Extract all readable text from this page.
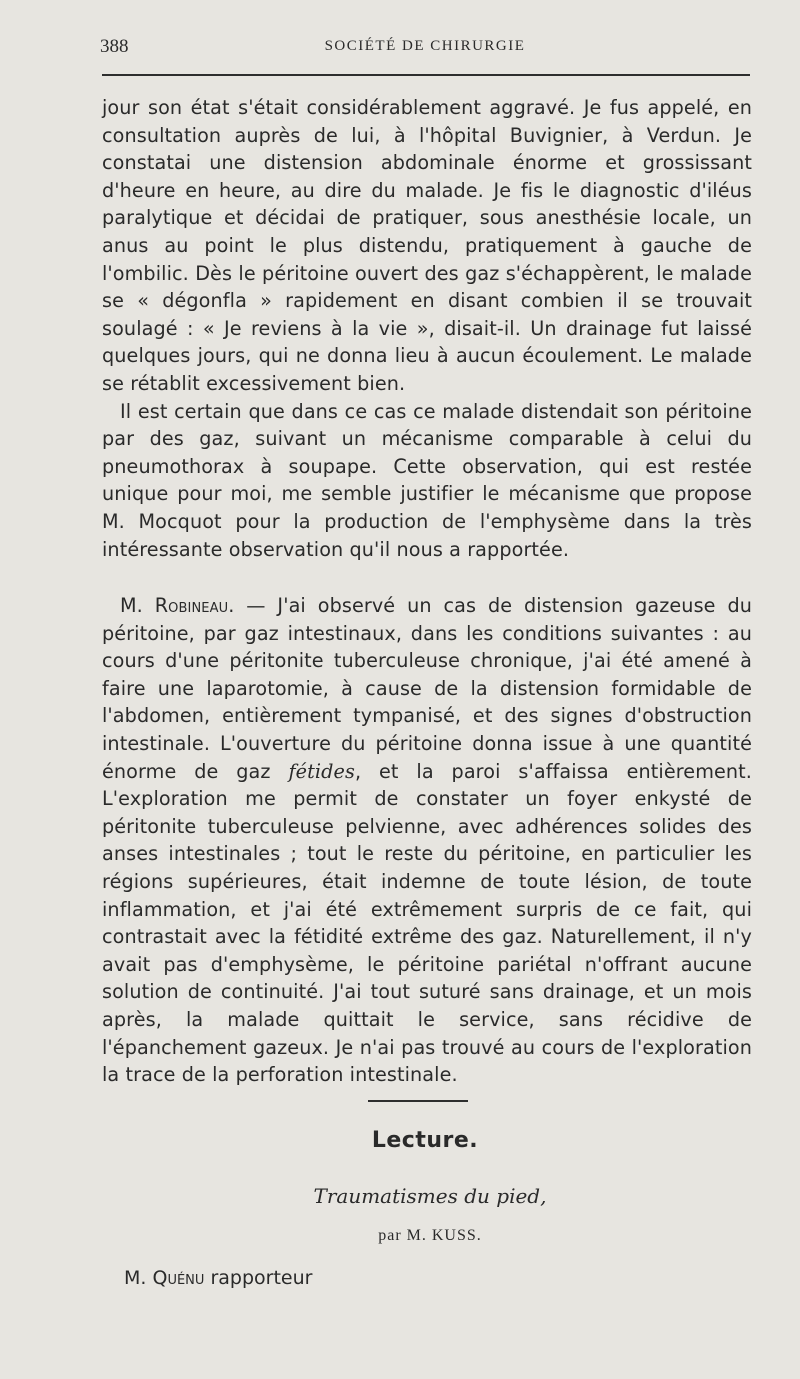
388	SOCIÉTÉ DE CHIRURGIE

jour son état s'était considérablement aggravé. Je fus appelé, en consultation auprès de lui, à l'hôpital Buvignier, à Verdun. Je constatai une distension abdominale énorme et grossissant d'heure en heure, au dire du malade. Je fis le diagnostic d'iléus paralytique et décidai de pratiquer, sous anesthésie locale, un anus au point le plus distendu, pratiquement à gauche de l'ombilic. Dès le péritoine ouvert des gaz s'échappèrent, le malade se « dégonfla » rapidement en disant combien il se trouvait soulagé : « Je reviens à la vie », disait-il. Un drainage fut laissé quelques jours, qui ne donna lieu à aucun écoulement. Le malade se rétablit excessivement bien.

Il est certain que dans ce cas ce malade distendait son péritoine par des gaz, suivant un mécanisme comparable à celui du pneumothorax à soupape. Cette observation, qui est restée unique pour moi, me semble justifier le mécanisme que propose M. Mocquot pour la production de l'emphysème dans la très intéressante observation qu'il nous a rapportée.

M. Robineau. — J'ai observé un cas de distension gazeuse du péritoine, par gaz intestinaux, dans les conditions suivantes : au cours d'une péritonite tuberculeuse chronique, j'ai été amené à faire une laparotomie, à cause de la distension formidable de l'abdomen, entièrement tympanisé, et des signes d'obstruction intestinale. L'ouverture du péritoine donna issue à une quantité énorme de gaz fétides, et la paroi s'affaissa entièrement. L'exploration me permit de constater un foyer enkysté de péritonite tuberculeuse pelvienne, avec adhérences solides des anses intestinales ; tout le reste du péritoine, en particulier les régions supérieures, était indemne de toute lésion, de toute inflammation, et j'ai été extrêmement surpris de ce fait, qui contrastait avec la fétidité extrême des gaz. Naturellement, il n'y avait pas d'emphysème, le péritoine pariétal n'offrant aucune solution de continuité. J'ai tout suturé sans drainage, et un mois après, la malade quittait le service, sans récidive de l'épanchement gazeux. Je n'ai pas trouvé au cours de l'exploration la trace de la perforation intestinale.

Lecture.
Traumatismes du pied,
par M. KUSS.
M. Quénu rapporteur
